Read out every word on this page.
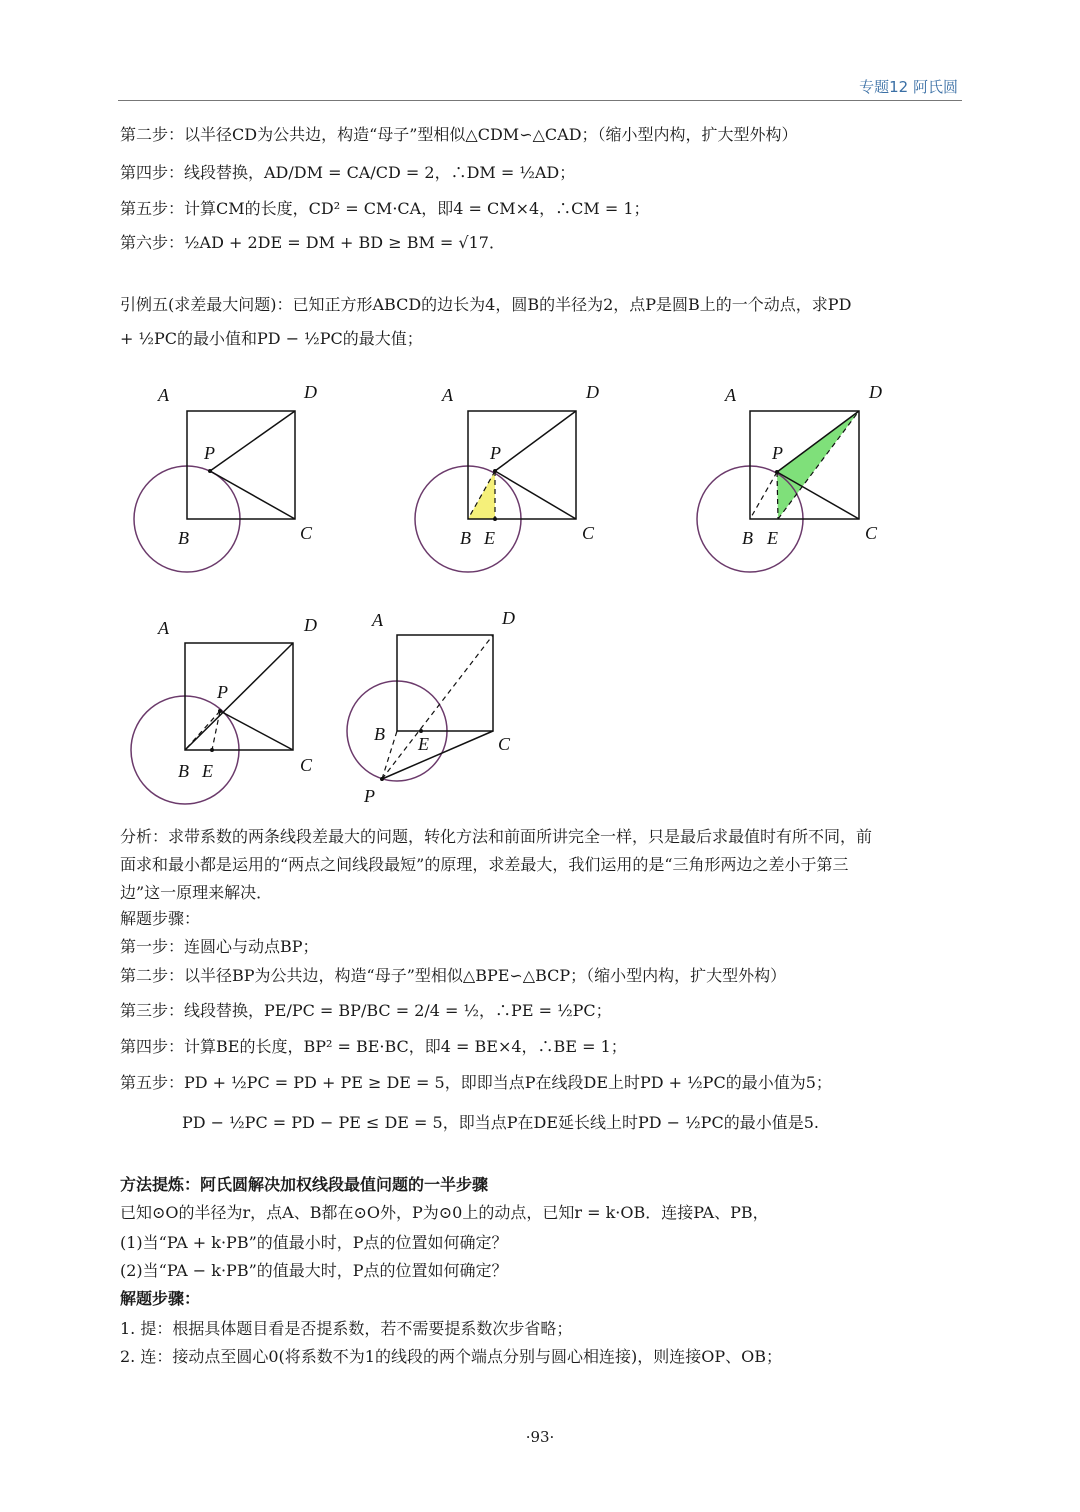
专题12 阿氏圆
第二步：以半径CD为公共边，构造“母子”型相似△CDM∽△CAD；（缩小型内构，扩大型外构）
第四步：线段替换，AD/DM = CA/CD = 2，∴DM = ½AD；
第五步：计算CM的长度，CD² = CM·CA，即4 = CM×4，∴CM = 1；
第六步：½AD + 2DE = DM + BD ≥ BM = √17．
引例五(求差最大问题)：已知正方形ABCD的边长为4，圆B的半径为2，点P是圆B上的一个动点，求PD
+ ½PC的最小值和PD − ½PC的最大值；
A	D
P
B	C
A	D
P
B E	C
A	D
P
B E	C
A	D
P
B E	C
A	D
B E	C
P
分析：求带系数的两条线段差最大的问题，转化方法和前面所讲完全一样，只是最后求最值时有所不同，前
面求和最小都是运用的“两点之间线段最短”的原理，求差最大，我们运用的是“三角形两边之差小于第三
边”这一原理来解决．
解题步骤：
第一步：连圆心与动点BP；
第二步：以半径BP为公共边，构造“母子”型相似△BPE∽△BCP；（缩小型内构，扩大型外构）
第三步：线段替换，PE/PC = BP/BC = 2/4 = ½，∴PE = ½PC；
第四步：计算BE的长度，BP² = BE·BC，即4 = BE×4，∴BE = 1；
第五步：PD + ½PC = PD + PE ≥ DE = 5，即即当点P在线段DE上时PD + ½PC的最小值为5；
PD − ½PC = PD − PE ≤ DE = 5，即当点P在DE延长线上时PD − ½PC的最小值是5.
方法提炼：阿氏圆解决加权线段最值问题的一半步骤
已知⊙O的半径为r，点A、B都在⊙O外，P为⊙0上的动点，已知r = k·OB．连接PA、PB，
(1)当“PA + k·PB”的值最小时，P点的位置如何确定？
(2)当“PA − k·PB”的值最大时，P点的位置如何确定？
解题步骤：
1. 提：根据具体题目看是否提系数，若不需要提系数次步省略；
2. 连：接动点至圆心0(将系数不为1的线段的两个端点分别与圆心相连接)，则连接OP、OB；
·93·
